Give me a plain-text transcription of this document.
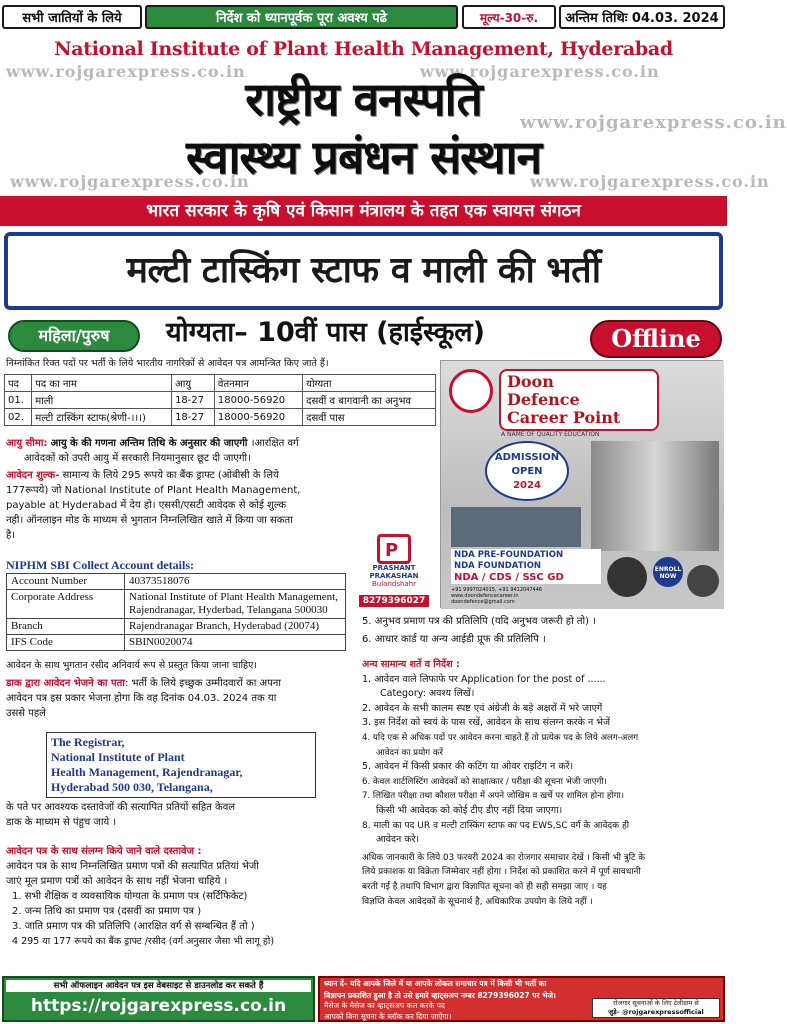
सभी जातियों के लिये	निर्देश को ध्यानपूर्वक पूरा अवश्य पढे	मूल्य-30-रु. अन्तिम तिथिः 04.03. 2024
National Institute of Plant Health Management, Hyderabad
www.rojgarexpress.co.in	www.rojgarexpress.co.in
www.rojgarexpress.co.in
www.rojgarexpress.co.in	www.rojgarexpress.co.in
राष्ट्रीय वनस्पति
स्वास्थ्य प्रबंधन संस्थान
भारत सरकार के कृषि एवं किसान मंत्रालय के तहत एक स्वायत्त संगठन
मल्टी टास्किंग स्टाफ व माली की भर्ती
महिला/पुरुष	योग्यता– 10वीं पास (हाईस्कूल)	Offline
निम्नांकित रिक्त पदों पर भर्ती के लिये भारतीय नागरिकों से आवेदन पत्र आमन्त्रित किए जाते हैं।
पद	पद का नाम	आयु	वेतनमान	योग्यता
01.	माली	18-27	18000-56920	दसवीं व बागवानी का अनुभव
02.	मल्टी टास्किंग स्टाफ(श्रेणी-।।।)	18-27	18000-56920	दसवीं पास
आयु सीमा: आयु के की गणना अन्तिम तिथि के अनुसार की जाएगी ।आरक्षित वर्ग
आवेदकों को उपरी आयु में सरकारी नियमानुसार छूट दी जाएगी।
आवेदन शुल्क- सामान्य के लिये 295 रूपये का बैंक ड्राफ्ट (ओबीसी के लिये
177रूपये) जो National Institute of Plant Health Management,
payable at Hyderabad में देय हो। एससी/एसटी आवेदक से कोई शुल्क
नही। ऑनलाइन मोड के माध्यम से भुगतान निम्नलिखित खाते में किया जा सकता
है।
NIPHM SBI Collect Account details:
Account Number	40373518076
Corporate Address	National Institute of Plant Health Management, Rajendranagar, Hyderbad, Telangana 500030
Branch	Rajendranagar Branch, Hyderabad (20074)
IFS Code	SBIN0020074
आवेदन के साथ भुगतान रसीद अनिवार्य रूप से प्रस्तुत किया जाना चाहिए।
P
PRASHANT
PRAKASHAN
Bulandshahr
8279396027
Doon
Defence
Career Point
A NAME OF QUALITY EDUCATION
ADMISSION
OPEN
2024
NDA PRE-FOUNDATION
NDA FOUNDATION
NDA / CDS / SSC GD
+91 9997024015, +91 9412047446
www.doondefencecareer.in
doondefence@gmail.com
ENROLL NOW
डाक द्वारा आवेदन भेजने का पता: भर्ती के लिये इच्छुक उम्मीदवारों का अपना
आवेदन पत्र इस प्रकार भेजना होगा कि वह दिनांक 04.03. 2024 तक या
उससे पहले
The Registrar,
National Institute of Plant
Health Management, Rajendranagar,
Hyderabad 500 030, Telangana,
के पते पर आवश्यक दस्तावेजों की सत्यापित प्रतियों सहित केवल
डाक के माध्यम से पंहुच जाये ।
आवेदन पत्र के साथ संलग्न किये जाने वाले दस्तावेज :
आवेदन पत्र के साथ निम्नलिखित प्रमाण पत्रों की सत्यापित प्रतियां भेजी
जाएं मूल प्रमाण पत्रों को आवेदन के साथ नहीं भेजना चाहिये ।
1. सभी शैक्षिक व व्यवसायिक योग्यता के प्रमाण पत्र (सर्टिफिकेट)
2. जन्म तिथि का प्रमाण पत्र (दसवीं का प्रमाण पत्र )
3. जाति प्रमाण पत्र की प्रतिलिपि (आरक्षित वर्ग से सम्बन्धित हैं तो )
4 295 या 177 रूपये का बैंक ड्राफ्ट /रसीद (वर्ग अनुसार जैसा भी लागू हो)
5. अनुभव प्रमाण पत्र की प्रतिलिपि (यदि अनुभव जरूरी हो तो) ।
6. आधार कार्ड या अन्य आईडी प्रूफ की प्रतिलिपि ।
अन्य सामान्य शर्ते व निर्देश :
1. आवेदन वाले लिफाफे पर Application for the post of ......
Category: अवश्य लिखें।
2. आवेदन के सभी कालम स्पष्ट एवं अंग्रेजी के बड़े अक्षरों में भरे जाएगें
3. इस निर्देश को स्वयं के पास रखें, आवेदन के साथ संलग्न करके न भेजें
4. यदि एक से अधिक पदों पर आवेदन करना चाहते हैं तो प्रत्येक पद के लिये अलग-अलग
आवेदन का प्रयोग करें
5. आवेदन में किसी प्रकार की कटिंग या ओवर राइटिंग न करें।
6. केवल शार्टलिस्टिंग आवेदकों को साक्षात्कार / परीक्षा की सूचना भेजी जाएगी।
7. लिखित परीक्षा तथा कौशल परीक्षा में अपने जोखिम व खर्चे पर शामिल होना होगा।
किसी भी आवेदक को कोई टीए डीए नहीं दिया जाएगा।
8. माली का पद UR व मल्टी टास्किंग स्टाफ का पद EWS,SC वर्ग के आवेदक ही
आवेदन करे।
अधिक जानकारी के लिये 03 फरवरी 2024 का रोजगार समाचार देखें । किसी भी त्रुटि के
लिये प्रकाशक या विक्रेता जिम्मेवार नहीं होगा । निर्देश को प्रकाशित करने में पूर्ण सावधानी
बरती गई है तथापि विभाग द्वारा विज्ञापित सूचना को ही सही समझा जाए । यह
विज्ञप्ति केवल आवेदकों के सूचनार्थ है, अधिकारिक उपयोग के लिये नहीं ।
सभी ऑफलाइन आवेदन पत्र इस वेबसाइट से डाउनलोड कर सकते हैं
https://rojgarexpress.co.in
ध्यान दें– यदि आपके जिले में या आपके लोकल समाचार पत्र में किसी भी भर्ती का
विज्ञापन प्रकाशित हुआ है तो उसे हमारे व्हाट्सअप नम्बर 8279396027 पर भेजे।
मैसेज के मैसेज का व्हाट्सअप कल करके पद
आपको बिना सूचना के ब्लॉक कर दिया जाऐगा।
रोजगार सूचनाओं के लिए टेलीग्राम से
जुड़े– @rojgarexpressofficial
